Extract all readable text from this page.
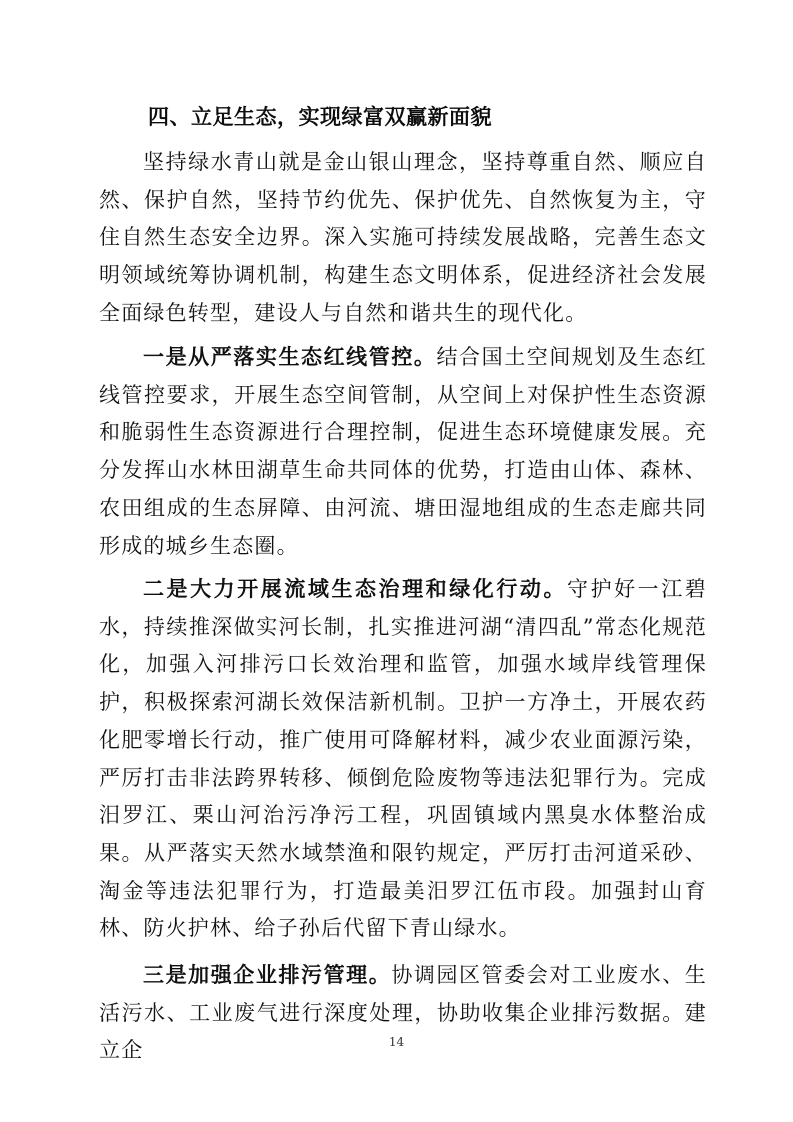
四、立足生态，实现绿富双赢新面貌

坚持绿水青山就是金山银山理念，坚持尊重自然、顺应自然、保护自然，坚持节约优先、保护优先、自然恢复为主，守住自然生态安全边界。深入实施可持续发展战略，完善生态文明领域统筹协调机制，构建生态文明体系，促进经济社会发展全面绿色转型，建设人与自然和谐共生的现代化。

一是从严落实生态红线管控。结合国土空间规划及生态红线管控要求，开展生态空间管制，从空间上对保护性生态资源和脆弱性生态资源进行合理控制，促进生态环境健康发展。充分发挥山水林田湖草生命共同体的优势，打造由山体、森林、农田组成的生态屏障、由河流、塘田湿地组成的生态走廊共同形成的城乡生态圈。

二是大力开展流域生态治理和绿化行动。守护好一江碧水，持续推深做实河长制，扎实推进河湖“清四乱”常态化规范化，加强入河排污口长效治理和监管，加强水域岸线管理保护，积极探索河湖长效保洁新机制。卫护一方净土，开展农药化肥零增长行动，推广使用可降解材料，减少农业面源污染，严厉打击非法跨界转移、倾倒危险废物等违法犯罪行为。完成汨罗江、栗山河治污净污工程，巩固镇域内黑臭水体整治成果。从严落实天然水域禁渔和限钓规定，严厉打击河道采砂、淘金等违法犯罪行为，打造最美汨罗江伍市段。加强封山育林、防火护林、给子孙后代留下青山绿水。

三是加强企业排污管理。协调园区管委会对工业废水、生活污水、工业废气进行深度处理，协助收集企业排污数据。建立企	14
